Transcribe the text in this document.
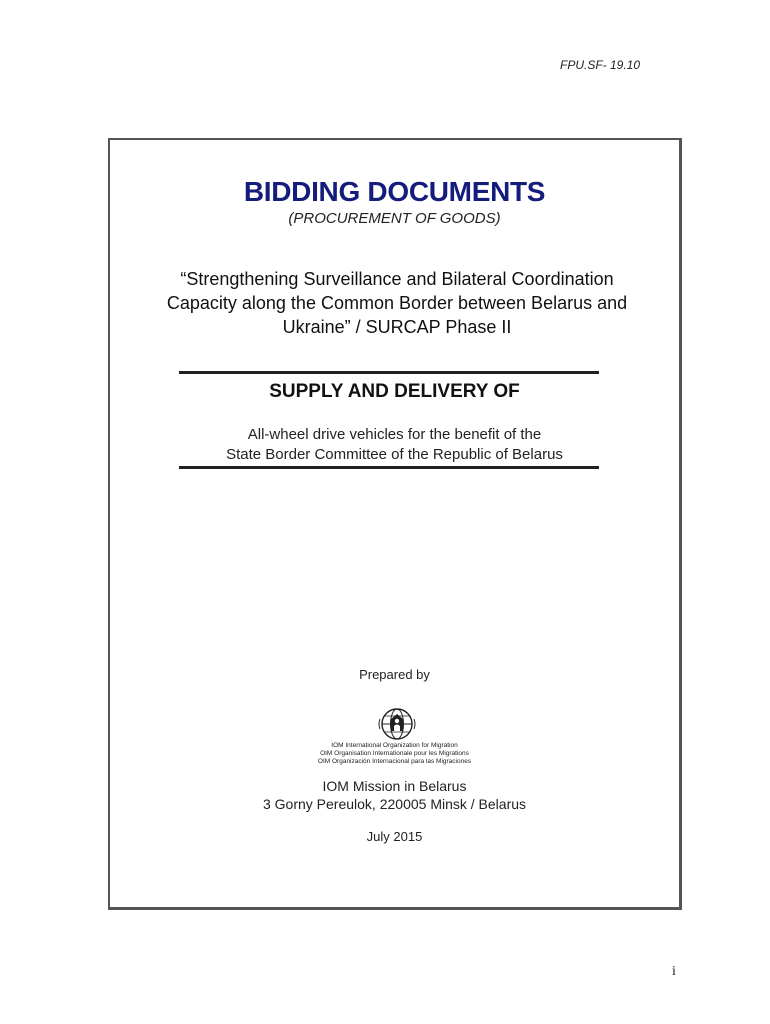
FPU.SF- 19.10
BIDDING DOCUMENTS
(PROCUREMENT OF GOODS)
“Strengthening Surveillance and Bilateral Coordination
Capacity along the Common Border between Belarus and
Ukraine” / SURCAP Phase II
SUPPLY AND DELIVERY OF
All-wheel drive vehicles for the benefit of the
State Border Committee of the Republic of Belarus
Prepared by
IOM International Organization for Migration
OIM Organisation Internationale pour les Migrations
OIM Organización Internacional para las Migraciones
IOM Mission in Belarus
3 Gorny Pereulok, 220005 Minsk / Belarus
July 2015
i
